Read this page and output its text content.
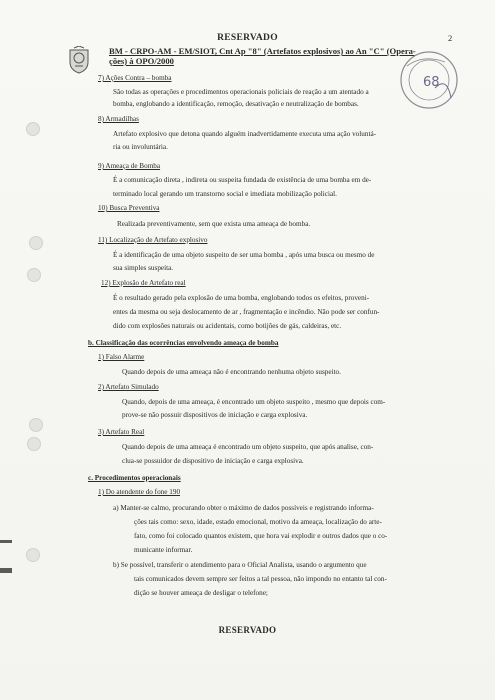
RESERVADO	2
BM - CRPO-AM - EM/SIOT, Cnt Ap "8" (Artefatos explosivos) ao An "C" (Opera-
ções) à OPO/2000
68
7) Ações Contra – bomba
São todas as operações e procedimentos operacionais policiais de reação a um atentado a
bomba, englobando a identificação, remoção, desativação e neutralização de bombas.
8) Armadilhas
Artefato explosivo que detona quando alguém inadvertidamente executa uma ação voluntá-
ria ou involuntária.
9) Ameaça de Bomba
É a comunicação direta , indireta ou suspeita fundada de existência de uma bomba em de-
terminado local gerando um transtorno social e imediata mobilização policial.
10) Busca Preventiva
Realizada preventivamente, sem que exista uma ameaça de bomba.
11) Localização de Artefato explosivo
É a identificação de uma objeto suspeito de ser uma bomba , após uma busca ou mesmo de
sua simples suspeita.
12) Explosão de Artefato real
É o resultado gerado pela explosão de uma bomba, englobando todos os efeitos, proveni-
entes da mesma ou seja deslocamento de ar , fragmentação e incêndio. Não pode ser confun-
dido com explosões naturais ou acidentais, como botijões de gás, caldeiras, etc.
b. Classificação das ocorrências envolvendo ameaça de bomba
1) Falso Alarme
Quando depois de uma ameaça não é encontrando nenhuma objeto suspeito.
2) Artefato Simulado
Quando, depois de uma ameaça, é encontrado um objeto suspeito , mesmo que depois com-
prove-se não possuir dispositivos de iniciação e carga explosiva.
3) Artefato Real
Quando depois de uma ameaça é encontrado um objeto suspeito, que após analise, con-
clua-se possuidor de dispositivo de iniciação e carga explosiva.
c. Procedimentos operacionais
1) Do atendente do fone 190
a) Manter-se calmo, procurando obter o máximo de dados possíveis e registrando informa-
ções tais como: sexo, idade, estado emocional, motivo da ameaça, localização do arte-
fato, como foi colocado quantos existem, que hora vai explodir e outros dados que o co-
municante informar.
b) Se possível, transferir o atendimento para o Oficial Analista, usando o argumento que
tais comunicados devem sempre ser feitos a tal pessoa, não impondo no entanto tal con-
dição se houver ameaça de desligar o telefone;
RESERVADO
